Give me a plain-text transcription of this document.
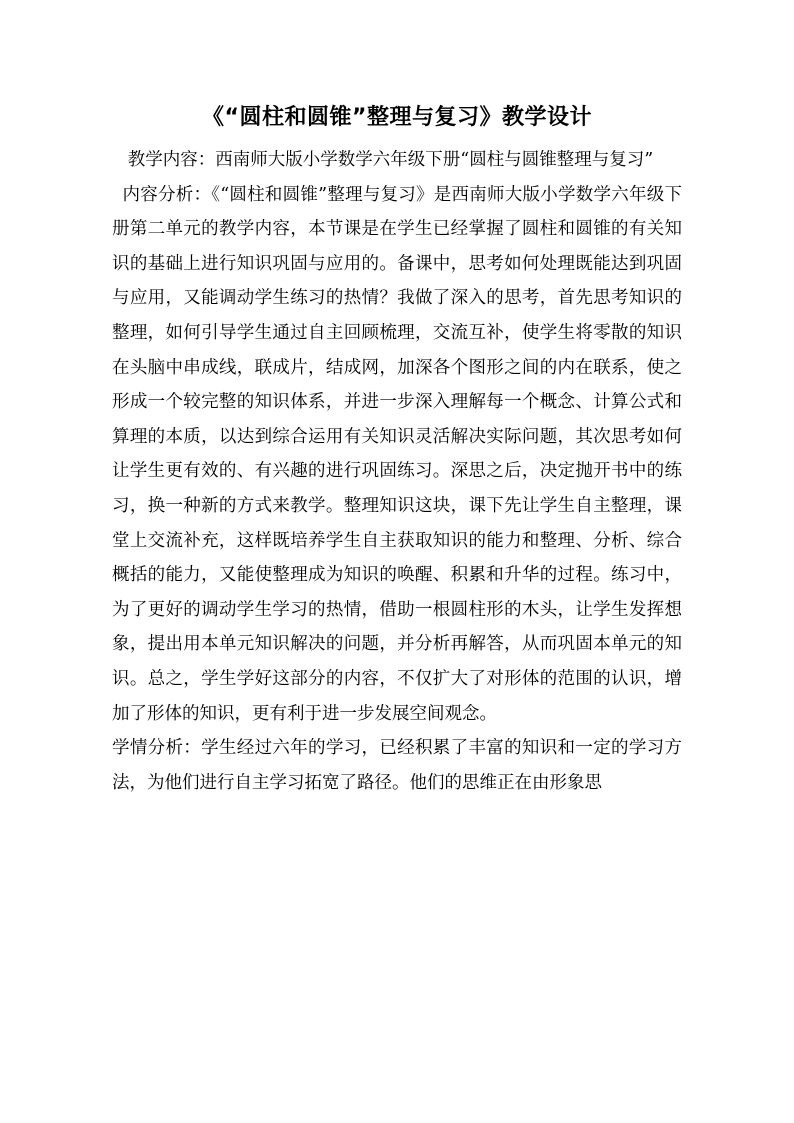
《“圆柱和圆锥”整理与复习》教学设计

教学内容：西南师大版小学数学六年级下册“圆柱与圆锥整理与复习”

内容分析：《“圆柱和圆锥”整理与复习》是西南师大版小学数学六年级下册第二单元的教学内容，本节课是在学生已经掌握了圆柱和圆锥的有关知识的基础上进行知识巩固与应用的。备课中，思考如何处理既能达到巩固与应用，又能调动学生练习的热情？我做了深入的思考，首先思考知识的整理，如何引导学生通过自主回顾梳理，交流互补，使学生将零散的知识在头脑中串成线，联成片，结成网，加深各个图形之间的内在联系，使之形成一个较完整的知识体系，并进一步深入理解每一个概念、计算公式和算理的本质，以达到综合运用有关知识灵活解决实际问题，其次思考如何让学生更有效的、有兴趣的进行巩固练习。深思之后，决定抛开书中的练习，换一种新的方式来教学。整理知识这块，课下先让学生自主整理，课堂上交流补充，这样既培养学生自主获取知识的能力和整理、分析、综合概括的能力，又能使整理成为知识的唤醒、积累和升华的过程。练习中，为了更好的调动学生学习的热情，借助一根圆柱形的木头，让学生发挥想象，提出用本单元知识解决的问题，并分析再解答，从而巩固本单元的知识。总之，学生学好这部分的内容，不仅扩大了对形体的范围的认识，增加了形体的知识，更有利于进一步发展空间观念。

学情分析：学生经过六年的学习，已经积累了丰富的知识和一定的学习方法，为他们进行自主学习拓宽了路径。他们的思维正在由形象思
